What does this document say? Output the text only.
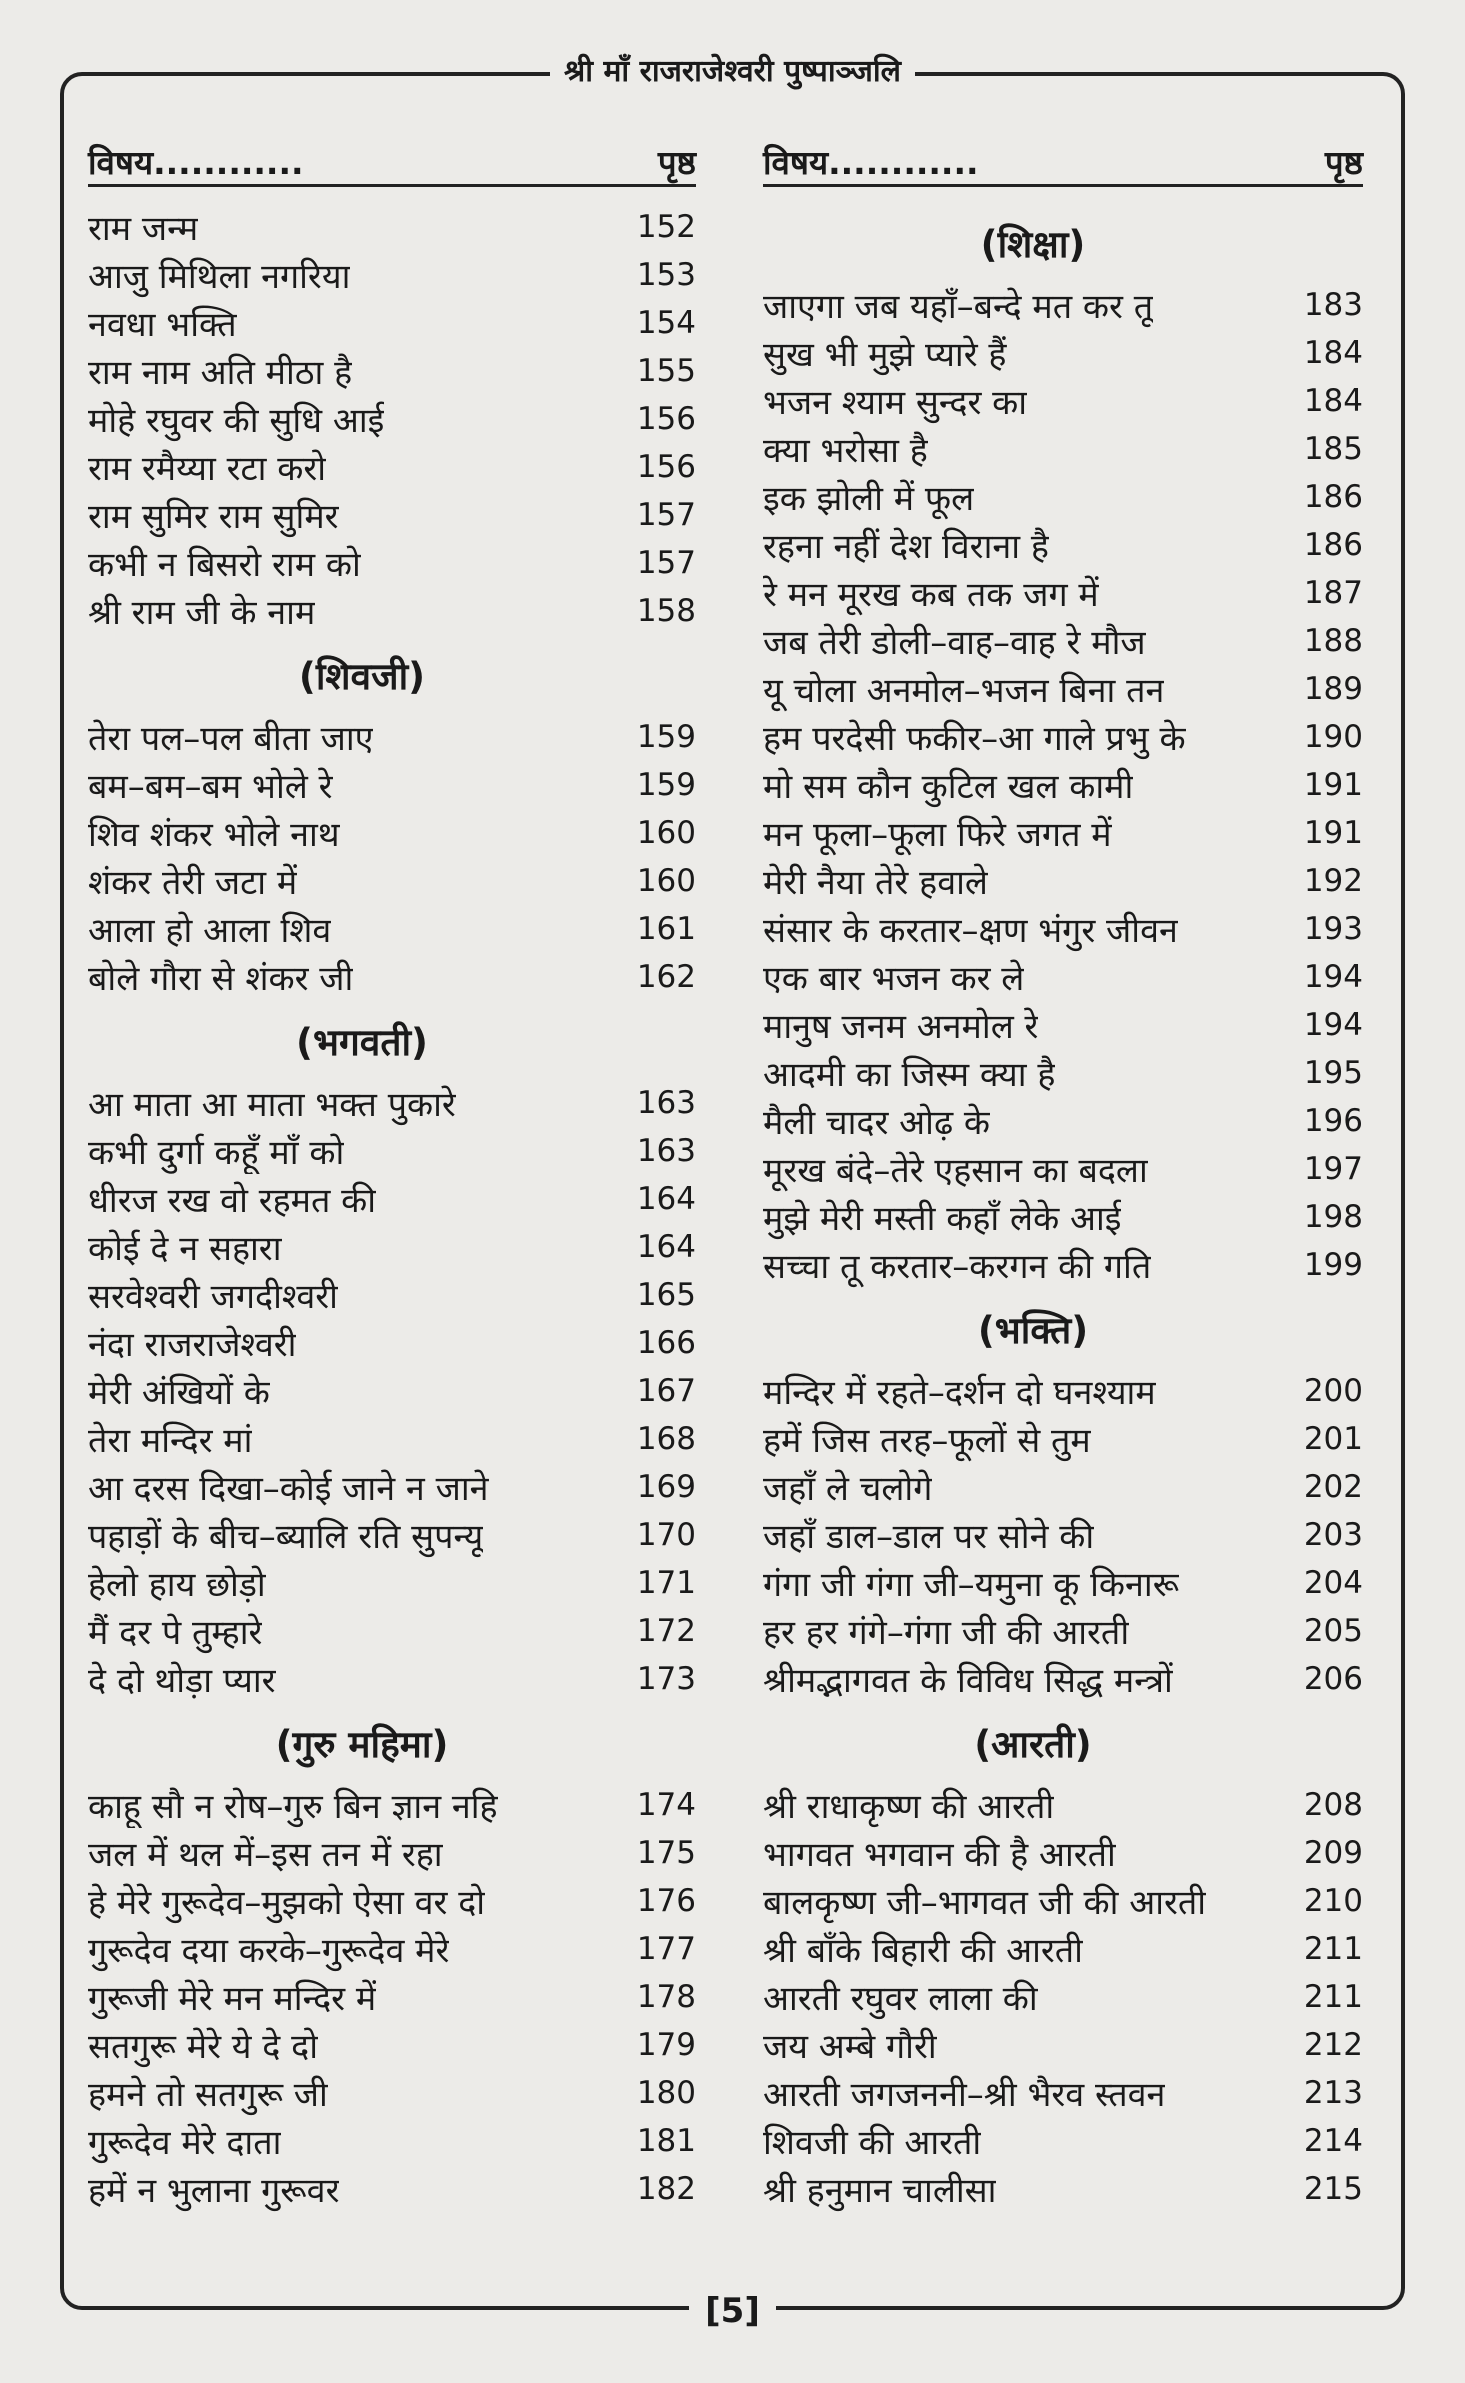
श्री माँ राजराजेश्वरी पुष्पाञ्जलि
विषय............	पृष्ठ
राम जन्म	152
आजु मिथिला नगरिया	153
नवधा भक्ति	154
राम नाम अति मीठा है	155
मोहे रघुवर की सुधि आई	156
राम रमैय्या रटा करो	156
राम सुमिर राम सुमिर	157
कभी न बिसरो राम को	157
श्री राम जी के नाम	158
(शिवजी)
तेरा पल–पल बीता जाए	159
बम–बम–बम भोले रे	159
शिव शंकर भोले नाथ	160
शंकर तेरी जटा में	160
आला हो आला शिव	161
बोले गौरा से शंकर जी	162
(भगवती)
आ माता आ माता भक्त पुकारे	163
कभी दुर्गा कहूँ माँ को	163
धीरज रख वो रहमत की	164
कोई दे न सहारा	164
सरवेश्वरी जगदीश्वरी	165
नंदा राजराजेश्वरी	166
मेरी अंखियों के	167
तेरा मन्दिर मां	168
आ दरस दिखा–कोई जाने न जाने	169
पहाड़ों के बीच–ब्यालि रति सुपन्यू	170
हेलो हाय छोड़ो	171
मैं दर पे तुम्हारे	172
दे दो थोड़ा प्यार	173
(गुरु महिमा)
काहू सौ न रोष–गुरु बिन ज्ञान नहि	174
जल में थल में–इस तन में रहा	175
हे मेरे गुरूदेव–मुझको ऐसा वर दो	176
गुरूदेव दया करके–गुरूदेव मेरे	177
गुरूजी मेरे मन मन्दिर में	178
सतगुरू मेरे ये दे दो	179
हमने तो सतगुरू जी	180
गुरूदेव मेरे दाता	181
हमें न भुलाना गुरूवर	182
विषय............	पृष्ठ
(शिक्षा)
जाएगा जब यहाँ–बन्दे मत कर तू	183
सुख भी मुझे प्यारे हैं	184
भजन श्याम सुन्दर का	184
क्या भरोसा है	185
इक झोली में फूल	186
रहना नहीं देश विराना है	186
रे मन मूरख कब तक जग में	187
जब तेरी डोली–वाह–वाह रे मौज	188
यू चोला अनमोल–भजन बिना तन	189
हम परदेसी फकीर–आ गाले प्रभु के	190
मो सम कौन कुटिल खल कामी	191
मन फूला–फूला फिरे जगत में	191
मेरी नैया तेरे हवाले	192
संसार के करतार–क्षण भंगुर जीवन	193
एक बार भजन कर ले	194
मानुष जनम अनमोल रे	194
आदमी का जिस्म क्या है	195
मैली चादर ओढ़ के	196
मूरख बंदे–तेरे एहसान का बदला	197
मुझे मेरी मस्ती कहाँ लेके आई	198
सच्चा तू करतार–करगन की गति	199
(भक्ति)
मन्दिर में रहते–दर्शन दो घनश्याम	200
हमें जिस तरह–फूलों से तुम	201
जहाँ ले चलोगे	202
जहाँ डाल–डाल पर सोने की	203
गंगा जी गंगा जी–यमुना कू किनारू	204
हर हर गंगे–गंगा जी की आरती	205
श्रीमद्भागवत के विविध सिद्ध मन्त्रों	206
(आरती)
श्री राधाकृष्ण की आरती	208
भागवत भगवान की है आरती	209
बालकृष्ण जी–भागवत जी की आरती	210
श्री बाँके बिहारी की आरती	211
आरती रघुवर लाला की	211
जय अम्बे गौरी	212
आरती जगजननी–श्री भैरव स्तवन	213
शिवजी की आरती	214
श्री हनुमान चालीसा	215
[5]
